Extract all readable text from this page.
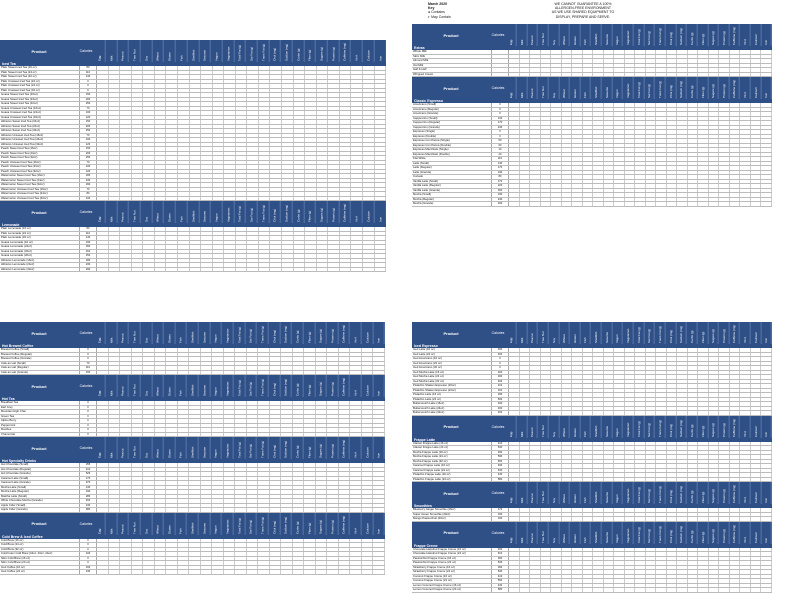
March 2020
Key
● Contains
◐ May Contain
WE CANNOT GUARANTEE A 100%
ALLERGEN-FREE ENVIRONMENT
AS WE USE SHARED EQUIPMENT TO
DISPLAY, PREPARE AND SERVE.
Product	Calories
Egg	Milk	Peanut	Tree Nut	Soy	Wheat	Gluten	Fish	Shellfish	Sesame	Vegan	Vegetarian	Total Fat (g)	Sat Fat (g)	Trans Fat (g)	Chol (mg)	Sodium (mg)	Carbs (g)	Fiber (g)	Sugars (g)	Protein (g)	Caffeine (mg)	Vit A	Calcium	Iron
Iced Tea
Plain Sweet Iced Tea (16 oz)	80
Plain Sweet Iced Tea (24 oz)	110
Plain Sweet Iced Tea (32 oz)	130
Plain Unsweet Iced Tea (16 oz)	0
Plain Unsweet Iced Tea (24 oz)	0
Plain Unsweet Iced Tea (32 oz)	0
Guava Sweet Iced Tea (16oz)	150
Guava Sweet Iced Tea (24oz)	200
Guava Sweet Iced Tea (32oz)	250
Guava Unsweet Iced Tea (16oz)	70
Guava Unsweet Iced Tea (24oz)	100
Guava Unsweet Iced Tea (32oz)	120
Hibiscus Sweet Iced Tea (16oz)	150
Hibiscus Sweet Iced Tea (24oz)	200
Hibiscus Sweet Iced Tea (32oz)	250
Hibiscus Unsweet Iced Tea (16oz)	70
Hibiscus Unsweet Iced Tea (24oz)	100
Hibiscus Unsweet Iced Tea (32oz)	120
Peach Sweet Iced Tea (16oz)	150
Peach Sweet Iced Tea (24oz)	200
Peach Sweet Iced Tea (32oz)	250
Peach Unsweet Iced Tea (16oz)	70
Peach Unsweet Iced Tea (24oz)	100
Peach Unsweet Iced Tea (32oz)	120
Watermelon Sweet Iced Tea (16oz)	180
Watermelon Sweet Iced Tea (24oz)	230
Watermelon Sweet Iced Tea (32oz)	290
Watermelon Unsweet Iced Tea (16oz)	70
Watermelon Unsweet Iced Tea (24oz)	80
Watermelon Unsweet Iced Tea (32oz)	100
Product	Calories
Egg	Milk	Peanut	Tree Nut	Soy	Wheat	Gluten	Fish	Shellfish	Sesame	Vegan	Vegetarian	Total Fat (g)	Sat Fat (g)	Trans Fat (g)	Chol (mg)	Sodium (mg)	Carbs (g)	Fiber (g)	Sugars (g)	Protein (g)	Caffeine (mg)	Vit A	Calcium	Iron
Lemonade
Plain Lemonade (16 oz)	80
Plain Lemonade (24 oz)	110
Plain Lemonade (32 oz)	140
Guava Lemonade (16 oz)	190
Guava Lemonade (24oz)	250
Guava Lemonade (32oz)	310
Guava Lemonade (20oz)	250
Hibiscus Lemonade (16oz)	180
Hibiscus Lemonade (24oz)	230
Hibiscus Lemonade (32oz)	290
Product	Calories
Egg	Milk	Peanut	Tree Nut	Soy	Wheat	Gluten	Fish	Shellfish	Sesame	Vegan	Vegetarian	Total Fat (g)	Sat Fat (g)	Trans Fat (g)	Chol (mg)	Sodium (mg)	Carbs (g)	Fiber (g)	Sugars (g)	Protein (g)	Caffeine (mg)	Vit A	Calcium	Iron
Extras
Whole Milk
Skim Milk
Almond Milk
Oat Milk
Half & Half
Whipped Cream
Product	Calories
Egg	Milk	Peanut	Tree Nut	Soy	Wheat	Gluten	Fish	Shellfish	Sesame	Vegan	Vegetarian	Total Fat (g)	Sat Fat (g)	Trans Fat (g)	Chol (mg)	Sodium (mg)	Carbs (g)	Fiber (g)	Sugars (g)	Protein (g)	Caffeine (mg)	Vit A	Calcium	Iron
Classic Espresso
Americano (Small)	0
Americano (Regular)	0
Americano (Grande)	0
Cappuccino (Small)	130
Cappuccino (Regular)	170
Cappuccino (Grande)	240
Espresso (Single)	0
Espresso (Double)	0
Espresso Con Panna (Single)	50
Espresso Con Panna (Double)	60
Espresso Macchiato (Single)	10
Espresso Macchiato (Double)	20
Flat White	110
Latte (Small)	130
Latte (Regular)	170
Latte (Grande)	240
Cortado	80
Vanilla Latte (Small)	170
Vanilla Latte (Regular)	220
Vanilla Latte (Grande)	300
Mocha (Small)	190
Mocha (Regular)	240
Mocha (Grande)	330
Product	Calories
Egg	Milk	Peanut	Tree Nut	Soy	Wheat	Gluten	Fish	Shellfish	Sesame	Vegan	Vegetarian	Total Fat (g)	Sat Fat (g)	Trans Fat (g)	Chol (mg)	Sodium (mg)	Carbs (g)	Fiber (g)	Sugars (g)	Protein (g)	Caffeine (mg)	Vit A	Calcium	Iron
Hot Brewed Coffee
Brewed Coffee (Small)	0
Brewed Coffee (Regular)	0
Brewed Coffee (Grande)	0
Cafe au Lait (Small)	70
Cafe au Lait (Regular)	110
Cafe au Lait (Grande)	150
Product	Calories
Egg	Milk	Peanut	Tree Nut	Soy	Wheat	Gluten	Fish	Shellfish	Sesame	Vegan	Vegetarian	Total Fat (g)	Sat Fat (g)	Trans Fat (g)	Chol (mg)	Sodium (mg)	Carbs (g)	Fiber (g)	Sugars (g)	Protein (g)	Caffeine (mg)	Vit A	Calcium	Iron
Hot Tea
Breakfast Tea	0
Earl Grey	0
Mountain High Chai	0
Green Tea	0
Alpine Berry	0
Peppermint	0
Rooibos	0
Chamomile	0
Product	Calories
Egg	Milk	Peanut	Tree Nut	Soy	Wheat	Gluten	Fish	Shellfish	Sesame	Vegan	Vegetarian	Total Fat (g)	Sat Fat (g)	Trans Fat (g)	Chol (mg)	Sodium (mg)	Carbs (g)	Fiber (g)	Sugars (g)	Protein (g)	Caffeine (mg)	Vit A	Calcium	Iron
Hot Specialty Drinks
Hot Chocolate (Small)	255
Hot Chocolate (Regular)	410
Hot Chocolate (Grande)	525
Caramel Latte (Small)	170
Caramel Latte (Grande)	370
Mocha Latte (Small)	130
Mocha Latte (Regular)	190
Matcha Latte (Small)	280
White Chocolate Mocha (Grande)	460
Apple Cider (Small)	240
Apple Cider (Grande)	380
Product	Calories
Egg	Milk	Peanut	Tree Nut	Soy	Wheat	Gluten	Fish	Shellfish	Sesame	Vegan	Vegetarian	Total Fat (g)	Sat Fat (g)	Trans Fat (g)	Chol (mg)	Sodium (mg)	Carbs (g)	Fiber (g)	Sugars (g)	Protein (g)	Caffeine (mg)	Vit A	Calcium	Iron
Cold Brew & Iced Coffee
Cold Brew (16 oz)	0
Cold Brew (24 oz)	0
Cold Brew (32 oz)	0
Cold Foam Cold Brew (16oz, 20oz, 24oz)	100
Nitro Cold Brew (16 oz)	0
Nitro Cold Brew (20 oz)	0
Iced Coffee (16 oz)	160
Iced Coffee (24 oz)	240
Product	Calories
Egg	Milk	Peanut	Tree Nut	Soy	Wheat	Gluten	Fish	Shellfish	Sesame	Vegan	Vegetarian	Total Fat (g)	Sat Fat (g)	Trans Fat (g)	Chol (mg)	Sodium (mg)	Carbs (g)	Fiber (g)	Sugars (g)	Protein (g)	Caffeine (mg)	Vit A	Calcium	Iron
Iced Espresso
Iced Latte (16 oz)	300
Iced Latte (24 oz)	400
Iced Americano (16 oz)	0
Iced Americano (24 oz)	0
Iced Americano (32 oz)	0
Iced Mocha Latte (16 oz)	320
Iced Mocha Latte (24 oz)	300
Iced Mocha Latte (32 oz)	400
Pistachio Shaken Espresso (16oz)	210
Pistachio Shaken Espresso (24oz)	310
Pistachio Latte (16 oz)	390
Pistachio Latte (24 oz)	500
Butterscotch Latte (16oz)	400
Butterscotch Latte (24oz)	400
Butterscotch Latte (32oz)	400
Product	Calories
Egg	Milk	Peanut	Tree Nut	Soy	Wheat	Gluten	Fish	Shellfish	Sesame	Vegan	Vegetarian	Total Fat (g)	Sat Fat (g)	Trans Fat (g)	Chol (mg)	Sodium (mg)	Carbs (g)	Fiber (g)	Sugars (g)	Protein (g)	Caffeine (mg)	Vit A	Calcium	Iron
Frappe Latte
Classic Frappe Latte (16 oz)	410
Classic Frappe Latte (24 oz)	530
Mocha Frappe Latte (16 oz)	450
Mocha Frappe Latte (24 oz)	590
Mocha Frappe Latte (32 oz)	650
Caramel Frappe Latte (16 oz)	490
Caramel Frappe Latte (24 oz)	640
Pistachio Frappe Latte (16 oz)	430
Pistachio Frappe Latte (24 oz)	580
Product	Calories
Egg	Milk	Peanut	Tree Nut	Soy	Wheat	Gluten	Fish	Shellfish	Sesame	Vegan	Vegetarian	Total Fat (g)	Sat Fat (g)	Trans Fat (g)	Chol (mg)	Sodium (mg)	Carbs (g)	Fiber (g)	Sugars (g)	Protein (g)	Caffeine (mg)	Vit A	Calcium	Iron
Smoothies
Blueberry Ginger Smoothie (20oz)	170
Super Green Smoothie (20oz)	150
Mango Passionfruit (20oz)	190
Product	Calories
Egg	Milk	Peanut	Tree Nut	Soy	Wheat	Gluten	Fish	Shellfish	Sesame	Vegan	Vegetarian	Total Fat (g)	Sat Fat (g)	Trans Fat (g)	Chol (mg)	Sodium (mg)	Carbs (g)	Fiber (g)	Sugars (g)	Protein (g)	Caffeine (mg)	Vit A	Calcium	Iron
Frappe Creme
Chocolate Hazelnut Frappe Creme (16 oz)	450
Chocolate Hazelnut Frappe Creme (24 oz)	610
Passionfruit Frappe Creme (16 oz)	390
Passionfruit Frappe Creme (24 oz)	530
Strawberry Frappe Creme (16 oz)	390
Strawberry Frappe Creme (24 oz)	530
Coconut Frappe Creme (16 oz)	410
Coconut Frappe Creme (24 oz)	560
Lemon Coconut Frappe Creme (16 oz)	430
Lemon Coconut Frappe Creme (24 oz)	580
